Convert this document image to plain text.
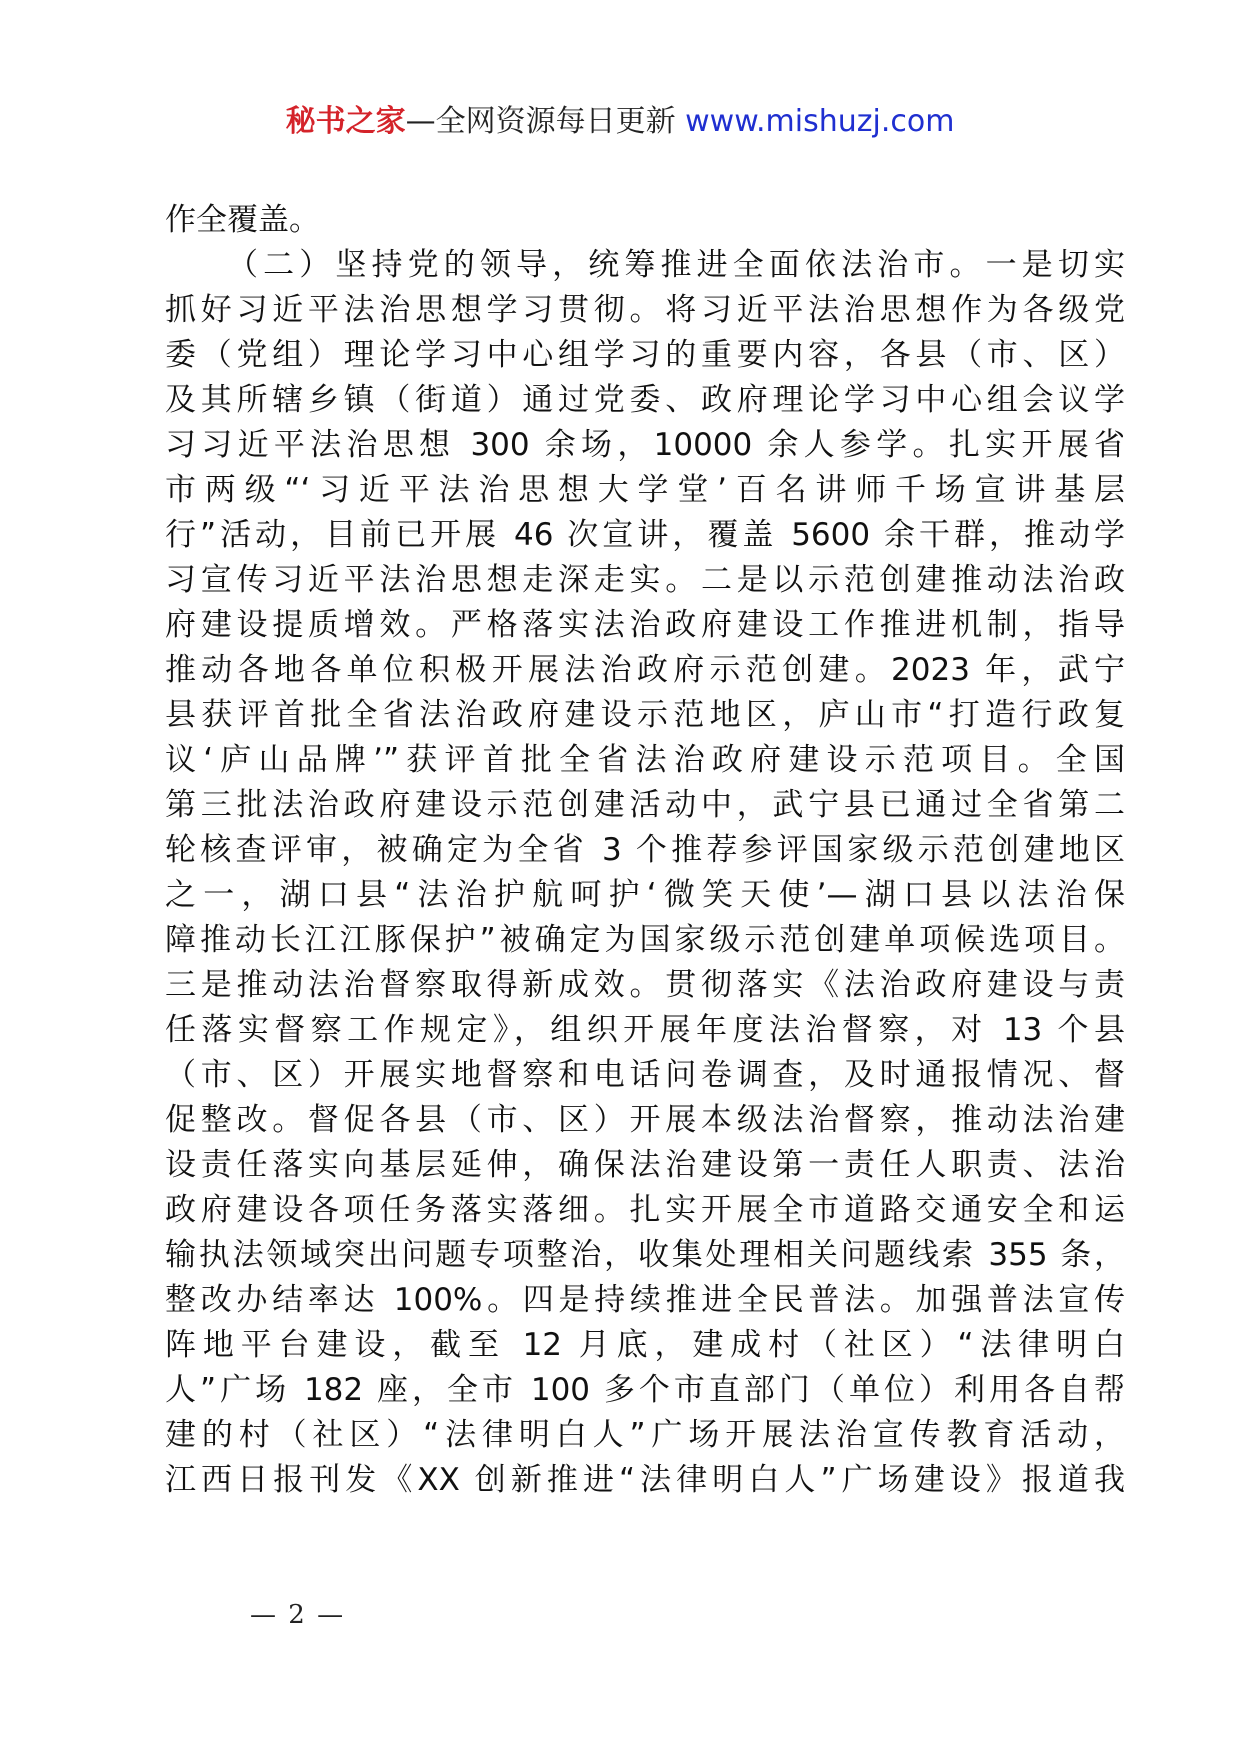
秘书之家—全网资源每日更新 www.mishuzj.com
作全覆盖。
（二）坚持党的领导，统筹推进全面依法治市。一是切实
抓好习近平法治思想学习贯彻。将习近平法治思想作为各级党
委（党组）理论学习中心组学习的重要内容，各县（市、区）
及其所辖乡镇（街道）通过党委、政府理论学习中心组会议学
习习近平法治思想 300 余场，10000 余人参学。扎实开展省
市两级“‘习近平法治思想大学堂’百名讲师千场宣讲基层
行”活动，目前已开展 46 次宣讲，覆盖 5600 余干群，推动学
习宣传习近平法治思想走深走实。二是以示范创建推动法治政
府建设提质增效。严格落实法治政府建设工作推进机制，指导
推动各地各单位积极开展法治政府示范创建。2023 年，武宁
县获评首批全省法治政府建设示范地区，庐山市“打造行政复
议‘庐山品牌’”获评首批全省法治政府建设示范项目。全国
第三批法治政府建设示范创建活动中，武宁县已通过全省第二
轮核查评审，被确定为全省 3 个推荐参评国家级示范创建地区
之一，湖口县“法治护航呵护‘微笑天使’—湖口县以法治保
障推动长江江豚保护”被确定为国家级示范创建单项候选项目。
三是推动法治督察取得新成效。贯彻落实《法治政府建设与责
任落实督察工作规定》，组织开展年度法治督察，对 13 个县
（市、区）开展实地督察和电话问卷调查，及时通报情况、督
促整改。督促各县（市、区）开展本级法治督察，推动法治建
设责任落实向基层延伸，确保法治建设第一责任人职责、法治
政府建设各项任务落实落细。扎实开展全市道路交通安全和运
输执法领域突出问题专项整治，收集处理相关问题线索 355 条，
整改办结率达 100%。四是持续推进全民普法。加强普法宣传
阵地平台建设，截至 12 月底，建成村（社区）“法律明白
人”广场 182 座，全市 100 多个市直部门（单位）利用各自帮
建的村（社区）“法律明白人”广场开展法治宣传教育活动，
江西日报刊发《XX 创新推进“法律明白人”广场建设》报道我
— 2 —
